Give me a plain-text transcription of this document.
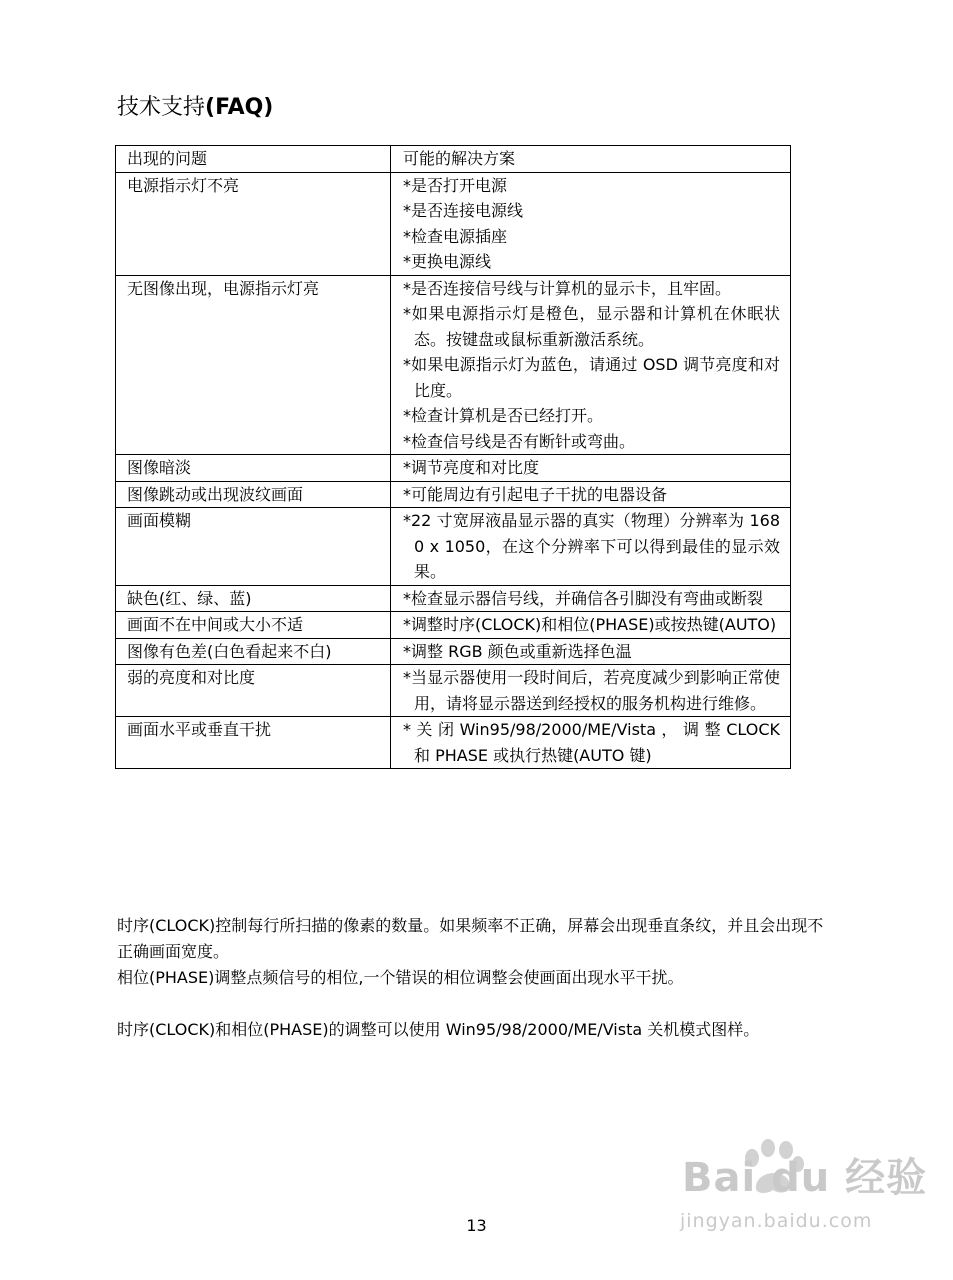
技术支持(FAQ)
出现的问题	可能的解决方案

电源指示灯不亮	*是否打开电源
*是否连接电源线
*检查电源插座
*更换电源线

无图像出现，电源指示灯亮	*是否连接信号线与计算机的显示卡，且牢固。
*如果电源指示灯是橙色，显示器和计算机在休眠状态。按键盘或鼠标重新激活系统。
*如果电源指示灯为蓝色，请通过 OSD 调节亮度和对比度。
*检查计算机是否已经打开。
*检查信号线是否有断针或弯曲。

图像暗淡	*调节亮度和对比度

图像跳动或出现波纹画面	*可能周边有引起电子干扰的电器设备

画面模糊	*22 寸宽屏液晶显示器的真实（物理）分辨率为 1680 x 1050，在这个分辨率下可以得到最佳的显示效果。

缺色(红、绿、蓝)	*检查显示器信号线，并确信各引脚没有弯曲或断裂

画面不在中间或大小不适	*调整时序(CLOCK)和相位(PHASE)或按热键(AUTO)

图像有色差(白色看起来不白)	*调整 RGB 颜色或重新选择色温

弱的亮度和对比度	*当显示器使用一段时间后，若亮度减少到影响正常使用，请将显示器送到经授权的服务机构进行维修。

画面水平或垂直干扰	* 关 闭 Win95/98/2000/ME/Vista ， 调 整 CLOCK 和 PHASE 或执行热键(AUTO 键)

时序(CLOCK)控制每行所扫描的像素的数量。如果频率不正确，屏幕会出现垂直条纹，并且会出现不正确画面宽度。

相位(PHASE)调整点频信号的相位,一个错误的相位调整会使画面出现水平干扰。

时序(CLOCK)和相位(PHASE)的调整可以使用 Win95/98/2000/ME/Vista 关机模式图样。

Bai du 经验
jingyan.baidu.com
13
